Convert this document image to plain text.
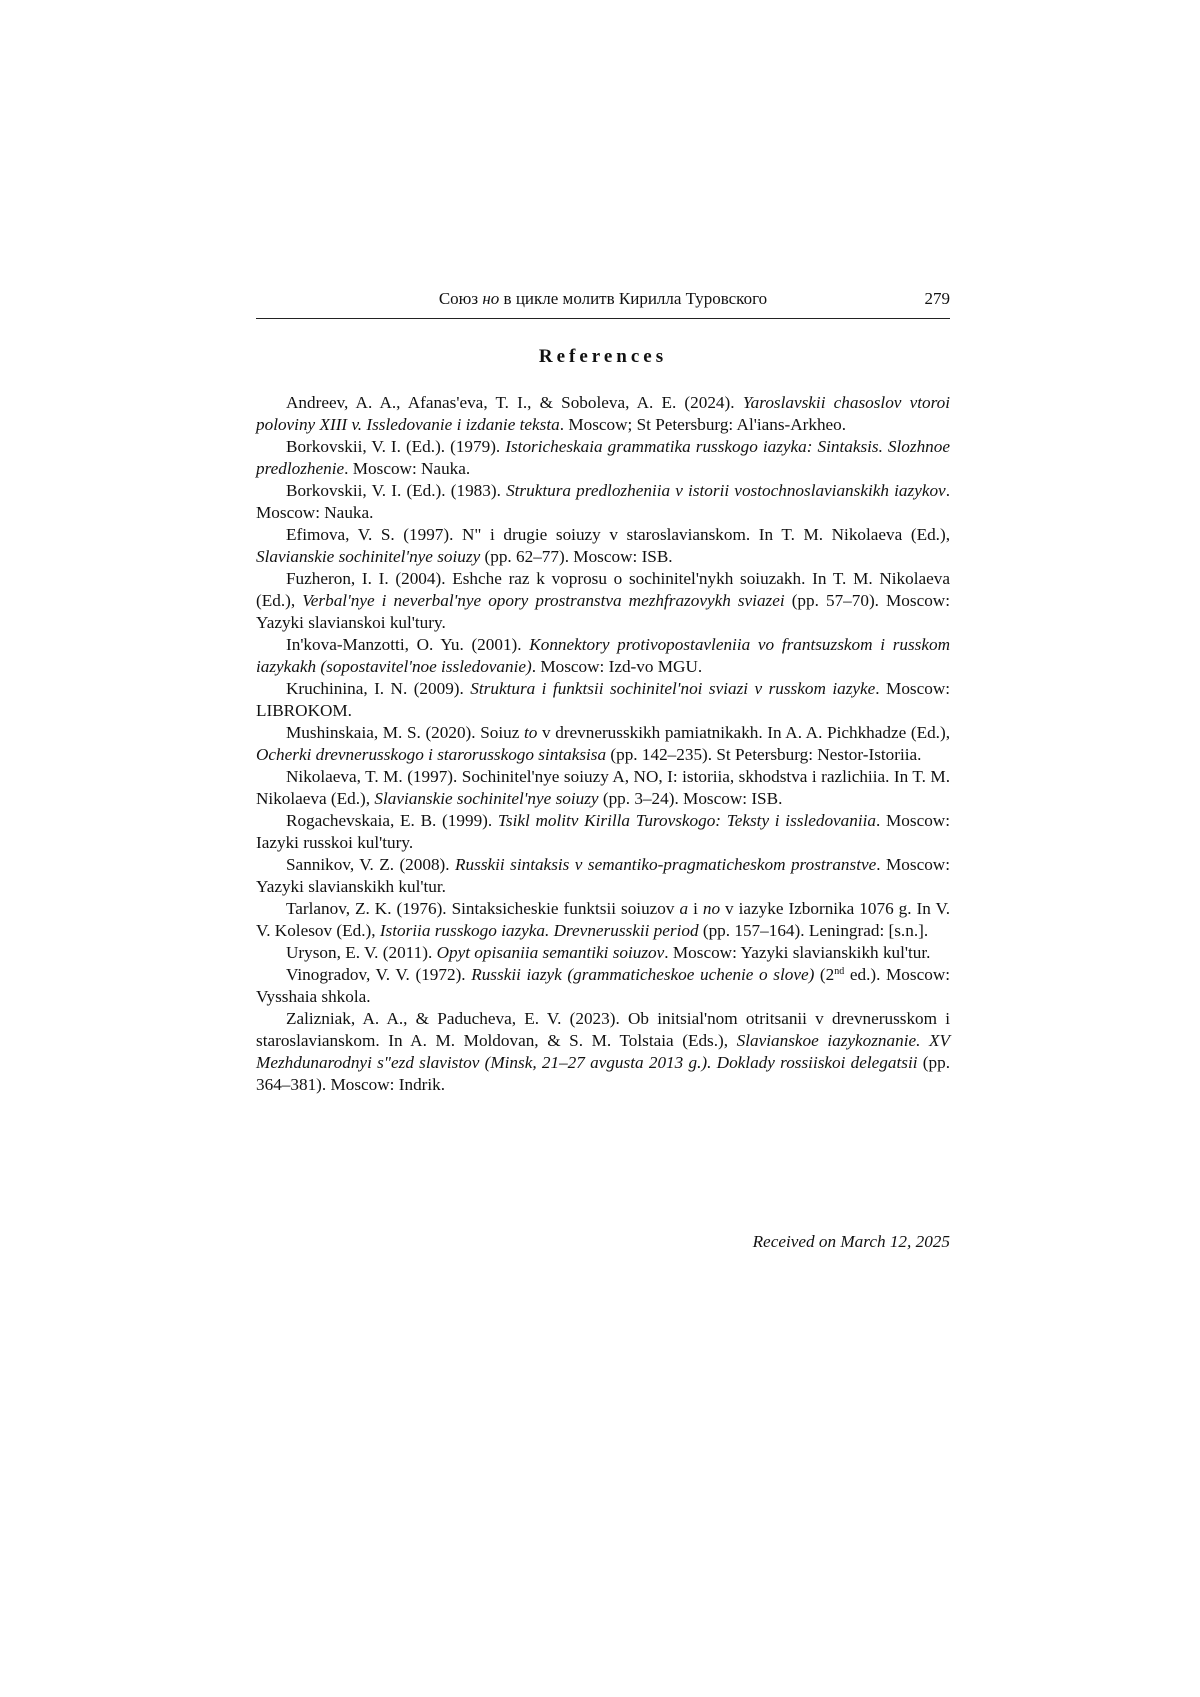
Союз но в цикле молитв Кирилла Туровского	279
References

Andreev, A. A., Afanas'eva, T. I., & Soboleva, A. E. (2024). Yaroslavskii chasoslov vtoroi poloviny XIII v. Issledovanie i izdanie teksta. Moscow; St Petersburg: Al'ians-Arkheo.

Borkovskii, V. I. (Ed.). (1979). Istoricheskaia grammatika russkogo iazyka: Sintaksis. Slozhnoe predlozhenie. Moscow: Nauka.

Borkovskii, V. I. (Ed.). (1983). Struktura predlozheniia v istorii vostochnoslavianskikh iazykov. Moscow: Nauka.

Efimova, V. S. (1997). N" i drugie soiuzy v staroslavianskom. In T. M. Nikolaeva (Ed.), Slavianskie sochinitel'nye soiuzy (pp. 62–77). Moscow: ISB.

Fuzheron, I. I. (2004). Eshche raz k voprosu o sochinitel'nykh soiuzakh. In T. M. Nikolaeva (Ed.), Verbal'nye i neverbal'nye opory prostranstva mezhfrazovykh sviazei (pp. 57–70). Moscow: Yazyki slavianskoi kul'tury.

In'kova-Manzotti, O. Yu. (2001). Konnektory protivopostavleniia vo frantsuzskom i russkom iazykakh (sopostavitel'noe issledovanie). Moscow: Izd-vo MGU.

Kruchinina, I. N. (2009). Struktura i funktsii sochinitel'noi sviazi v russkom iazyke. Moscow: LIBROKOM.

Mushinskaia, M. S. (2020). Soiuz to v drevnerusskikh pamiatnikakh. In A. A. Pichkhadze (Ed.), Ocherki drevnerusskogo i starorusskogo sintaksisa (pp. 142–235). St Petersburg: Nestor-Istoriia.

Nikolaeva, T. M. (1997). Sochinitel'nye soiuzy A, NO, I: istoriia, skhodstva i razlichiia. In T. M. Nikolaeva (Ed.), Slavianskie sochinitel'nye soiuzy (pp. 3–24). Moscow: ISB.

Rogachevskaia, E. B. (1999). Tsikl molitv Kirilla Turovskogo: Teksty i issledovaniia. Moscow: Iazyki russkoi kul'tury.

Sannikov, V. Z. (2008). Russkii sintaksis v semantiko-pragmaticheskom prostranstve. Moscow: Yazyki slavianskikh kul'tur.

Tarlanov, Z. K. (1976). Sintaksicheskie funktsii soiuzov a i no v iazyke Izbornika 1076 g. In V. V. Kolesov (Ed.), Istoriia russkogo iazyka. Drevnerusskii period (pp. 157–164). Leningrad: [s.n.].

Uryson, E. V. (2011). Opyt opisaniia semantiki soiuzov. Moscow: Yazyki slavianskikh kul'tur.

Vinogradov, V. V. (1972). Russkii iazyk (grammaticheskoe uchenie o slove) (2nd ed.). Moscow: Vysshaia shkola.

Zalizniak, A. A., & Paducheva, E. V. (2023). Ob initsial'nom otritsanii v drevnerusskom i staroslavianskom. In A. M. Moldovan, & S. M. Tolstaia (Eds.), Slavianskoe iazykoznanie. XV Mezhdunarodnyi s"ezd slavistov (Minsk, 21–27 avgusta 2013 g.). Doklady rossiiskoi delegatsii (pp. 364–381). Moscow: Indrik.

Received on March 12, 2025
